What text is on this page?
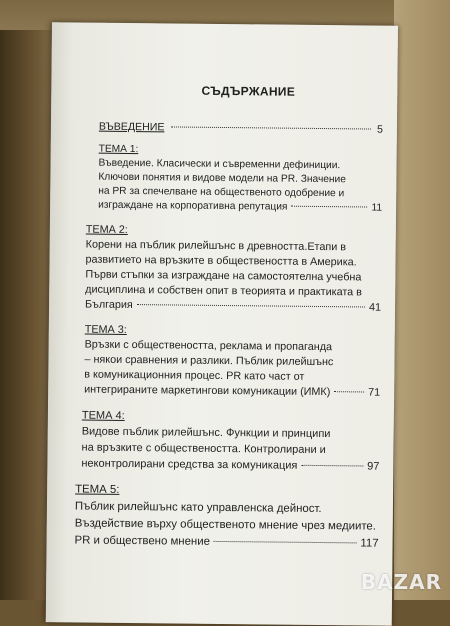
СЪДЪРЖАНИЕ
ВЪВЕДЕНИЕ	5
ТЕМА 1:
Въведение. Класически и съвременни дефиниции.
Ключови понятия и видове модели на PR. Значение
на PR за спечелване на общественото одобрение и
изграждане на корпоративна репутация	11
ТЕМА 2:
Корени на пъблик рилейшънс в древността.Етапи в
развитието на връзките в обществеността в Америка.
Първи стъпки за изграждане на самостоятелна учебна
дисциплина и собствен опит в теорията и практиката в
България	41
ТЕМА 3:
Връзки с обществеността, реклама и пропаганда
– някои сравнения и разлики. Пъблик рилейшънс
в комуникационния процес. PR като част от
интегрираните маркетингови комуникации (ИМК)	71
ТЕМА 4:
Видове пъблик рилейшънс. Функции и принципи
на връзките с обществеността. Контролирани и
неконтролирани средства за комуникация	97
ТЕМА 5:
Пъблик рилейшънс като управленска дейност.
Въздействие върху общественото мнение чрез медиите.
PR и обществено мнение	117
BAZAR
